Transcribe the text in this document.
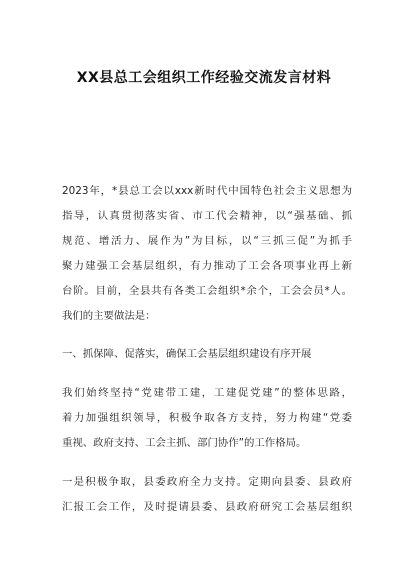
XX县总工会组织工作经验交流发言材料
2023年，*县总工会以xxx新时代中国特色社会主义思想为
指导，认真贯彻落实省、市工代会精神，以“强基础、抓
规范、增活力、展作为”为目标，以“三抓三促”为抓手
聚力建强工会基层组织，有力推动了工会各项事业再上新
台阶。目前，全县共有各类工会组织*余个，工会会员*人。
我们的主要做法是：
一、抓保障、促落实，确保工会基层组织建设有序开展
我们始终坚持“党建带工建，工建促党建”的整体思路，
着力加强组织领导，积极争取各方支持，努力构建“党委
重视、政府支持、工会主抓、部门协作”的工作格局。
一是积极争取，县委政府全力支持。定期向县委、县政府
汇报工会工作，及时提请县委、县政府研究工会基层组织
